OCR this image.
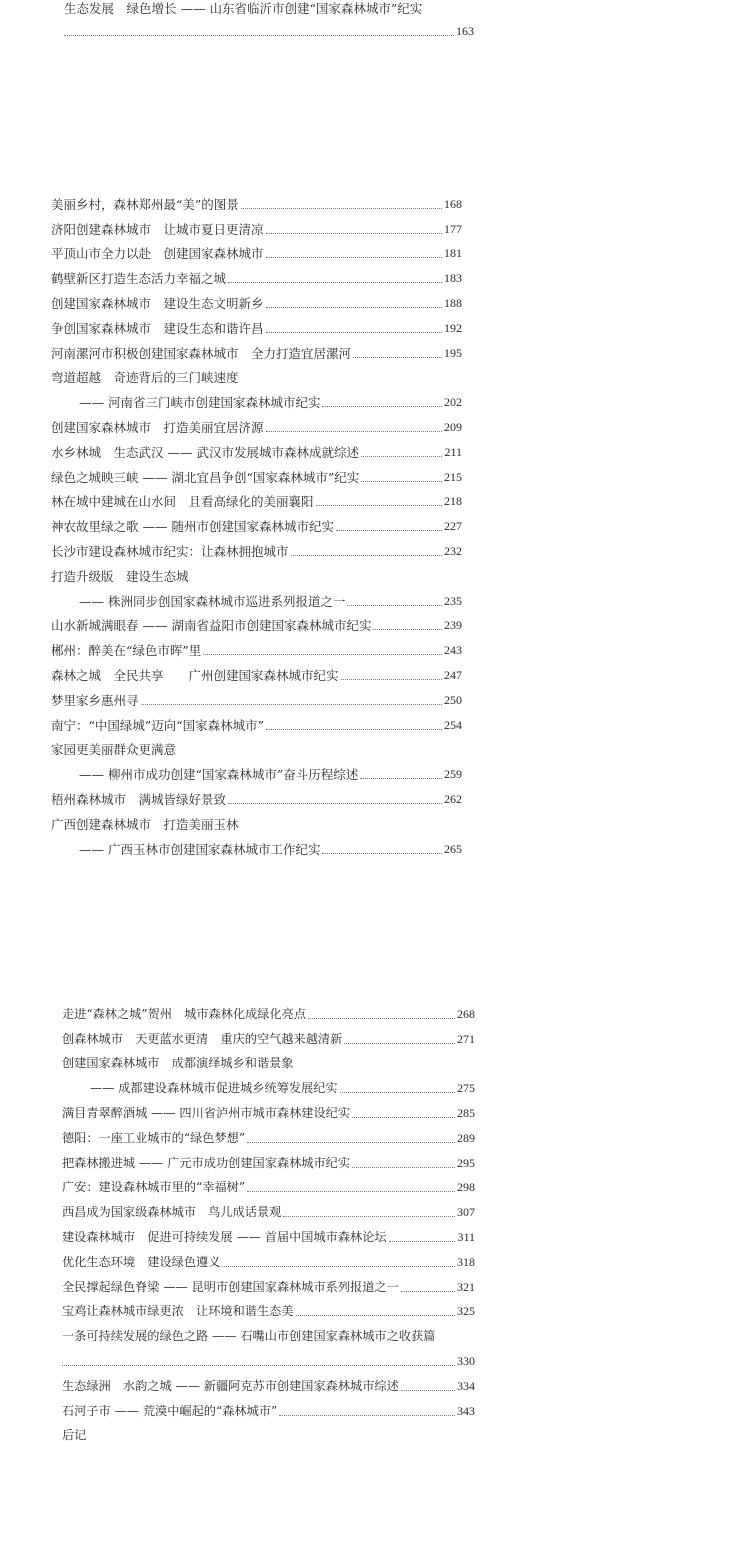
生态发展　绿色增长 —— 山东省临沂市创建“国家森林城市”纪实
163
美丽乡村，森林郑州最“美”的图景	168
济阳创建森林城市　让城市夏日更清凉	177
平顶山市全力以赴　创建国家森林城市	181
鹤壁新区打造生态活力幸福之城	183
创建国家森林城市　建设生态文明新乡	188
争创国家森林城市　建设生态和谐许昌	192
河南漯河市积极创建国家森林城市　全力打造宜居漯河	195
弯道超越　奇迹背后的三门峡速度
—— 河南省三门峡市创建国家森林城市纪实	202
创建国家森林城市　打造美丽宜居济源	209
水乡林城　生态武汉 —— 武汉市发展城市森林成就综述	211
绿色之城映三峡 —— 湖北宜昌争创“国家森林城市”纪实	215
林在城中建城在山水间　且看高绿化的美丽襄阳	218
神农故里绿之歌 —— 随州市创建国家森林城市纪实	227
长沙市建设森林城市纪实：让森林拥抱城市	232
打造升级版　建设生态城
—— 株洲同步创国家森林城市巡进系列报道之一	235
山水新城满眼春 —— 湖南省益阳市创建国家森林城市纪实	239
郴州：醉美在“绿色市晖”里	243
森林之城　全民共享　　广州创建国家森林城市纪实	247
梦里家乡惠州寻	250
南宁：“中国绿城”迈向“国家森林城市”	254
家园更美丽群众更满意
—— 柳州市成功创建“国家森林城市”奋斗历程综述	259
梧州森林城市　满城皆绿好景致	262
广西创建森林城市　打造美丽玉林
—— 广西玉林市创建国家森林城市工作纪实	265
走进“森林之城”贺州　城市森林化成绿化亮点	268
创森林城市　天更蓝水更清　重庆的空气越来越清新	271
创建国家森林城市　成都演绎城乡和谐景象
—— 成都建设森林城市促进城乡统筹发展纪实	275
满目青翠醉酒城 —— 四川省泸州市城市森林建设纪实	285
德阳：一座工业城市的“绿色梦想”	289
把森林搬进城 —— 广元市成功创建国家森林城市纪实	295
广安：建设森林城市里的“幸福树”	298
西昌成为国家级森林城市　鸟儿成话景观	307
建设森林城市　促进可持续发展 —— 首届中国城市森林论坛	311
优化生态环境　建设绿色遵义	318
全民撑起绿色脊梁 —— 昆明市创建国家森林城市系列报道之一	321
宝鸡让森林城市绿更浓　让环境和谐生态美	325
一条可持续发展的绿色之路 —— 石嘴山市创建国家森林城市之收获篇
330
生态绿洲　水韵之城 —— 新疆阿克苏市创建国家森林城市综述	334
石河子市 —— 荒漠中崛起的“森林城市”	343
后记
